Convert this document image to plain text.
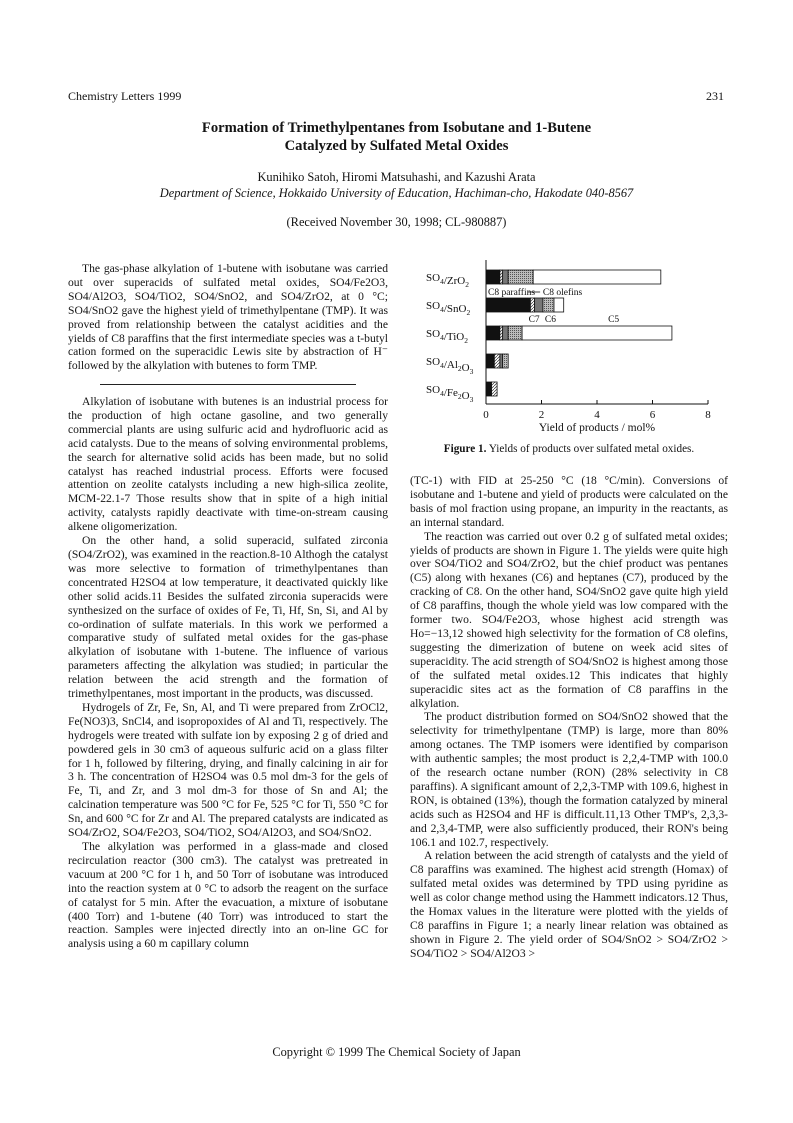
Chemistry Letters 1999	231
Formation of Trimethylpentanes from Isobutane and 1-Butene
Catalyzed by Sulfated Metal Oxides
Kunihiko Satoh, Hiromi Matsuhashi, and Kazushi Arata
Department of Science, Hokkaido University of Education, Hachiman-cho, Hakodate 040-8567
(Received November 30, 1998; CL-980887)

The gas-phase alkylation of 1-butene with isobutane was carried out over superacids of sulfated metal oxides, SO4/Fe2O3, SO4/Al2O3, SO4/TiO2, SO4/SnO2, and SO4/ZrO2, at 0 °C; SO4/SnO2 gave the highest yield of trimethylpentane (TMP). It was proved from relationship between the catalyst acidities and the yields of C8 paraffins that the first intermediate species was a t-butyl cation formed on the superacidic Lewis site by abstraction of H⁻ followed by the alkylation with butenes to form TMP.

Alkylation of isobutane with butenes is an industrial process for the production of high octane gasoline, and two generally commercial plants are using sulfuric acid and hydrofluoric acid as acid catalysts. Due to the means of solving environmental problems, the search for alternative solid acids has been made, but no solid catalyst has reached industrial process. Efforts were focused attention on zeolite catalysts including a new high-silica zeolite, MCM-22.1-7 Those results show that in spite of a high initial activity, catalysts rapidly deactivate with time-on-stream causing alkene oligomerization.

On the other hand, a solid superacid, sulfated zirconia (SO4/ZrO2), was examined in the reaction.8-10 Althogh the catalyst was more selective to formation of trimethylpentanes than concentrated H2SO4 at low temperature, it deactivated quickly like other solid acids.11 Besides the sulfated zirconia superacids were synthesized on the surface of oxides of Fe, Ti, Hf, Sn, Si, and Al by co-ordination of sulfate materials. In this work we performed a comparative study of sulfated metal oxides for the gas-phase alkylation of isobutane with 1-butene. The influence of various parameters affecting the alkylation was studied; in particular the relation between the acid strength and the formation of trimethylpentanes, most important in the products, was discussed.

Hydrogels of Zr, Fe, Sn, Al, and Ti were prepared from ZrOCl2, Fe(NO3)3, SnCl4, and isopropoxides of Al and Ti, respectively. The hydrogels were treated with sulfate ion by exposing 2 g of dried and powdered gels in 30 cm3 of aqueous sulfuric acid on a glass filter for 1 h, followed by filtering, drying, and finally calcining in air for 3 h. The concentration of H2SO4 was 0.5 mol dm-3 for the gels of Fe, Ti, and Zr, and 3 mol dm-3 for those of Sn and Al; the calcination temperature was 500 °C for Fe, 525 °C for Ti, 550 °C for Sn, and 600 °C for Zr and Al. The prepared catalysts are indicated as SO4/ZrO2, SO4/Fe2O3, SO4/TiO2, SO4/Al2O3, and SO4/SnO2.

The alkylation was performed in a glass-made and closed recirculation reactor (300 cm3). The catalyst was pretreated in vacuum at 200 °C for 1 h, and 50 Torr of isobutane was introduced into the reaction system at 0 °C to adsorb the reagent on the surface of catalyst for 5 min. After the evacuation, a mixture of isobutane (400 Torr) and 1-butene (40 Torr) was introduced to start the reaction. Samples were injected directly into an on-line GC for analysis using a 60 m capillary column

0	2	4	6	8
Yield of products / mol%
$SO_4/ZrO_2$
$SO_4/SnO_2$
$SO_4/TiO_2$
$SO_4/Al_2O_3$
$SO_4/Fe_2O_3$
C8 paraffins C8 olefins
C7 C6	C5
Figure 1. Yields of products over sulfated metal oxides.

(TC-1) with FID at 25-250 °C (18 °C/min). Conversions of isobutane and 1-butene and yield of products were calculated on the basis of mol fraction using propane, an impurity in the reactants, as an internal standard.

The reaction was carried out over 0.2 g of sulfated metal oxides; yields of products are shown in Figure 1. The yields were quite high over SO4/TiO2 and SO4/ZrO2, but the chief product was pentanes (C5) along with hexanes (C6) and heptanes (C7), produced by the cracking of C8. On the other hand, SO4/SnO2 gave quite high yield of C8 paraffins, though the whole yield was low compared with the former two. SO4/Fe2O3, whose highest acid strength was Ho=−13,12 showed high selectivity for the formation of C8 olefins, suggesting the dimerization of butene on week acid sites of superacidity. The acid strength of SO4/SnO2 is highest among those of the sulfated metal oxides.12 This indicates that highly superacidic sites act as the formation of C8 paraffins in the alkylation.

The product distribution formed on SO4/SnO2 showed that the selectivity for trimethylpentane (TMP) is large, more than 80% among octanes. The TMP isomers were identified by comparison with authentic samples; the most product is 2,2,4-TMP with 100.0 of the research octane number (RON) (28% selectivity in C8 paraffins). A significant amount of 2,2,3-TMP with 109.6, highest in RON, is obtained (13%), though the formation catalyzed by mineral acids such as H2SO4 and HF is difficult.11,13 Other TMP's, 2,3,3- and 2,3,4-TMP, were also sufficiently produced, their RON's being 106.1 and 102.7, respectively.

A relation between the acid strength of catalysts and the yield of C8 paraffins was examined. The highest acid strength (Homax) of sulfated metal oxides was determined by TPD using pyridine as well as color change method using the Hammett indicators.12 Thus, the Homax values in the literature were plotted with the yields of C8 paraffins in Figure 1; a nearly linear relation was obtained as shown in Figure 2. The yield order of SO4/SnO2 > SO4/ZrO2 > SO4/TiO2 > SO4/Al2O3 >

Copyright © 1999 The Chemical Society of Japan
